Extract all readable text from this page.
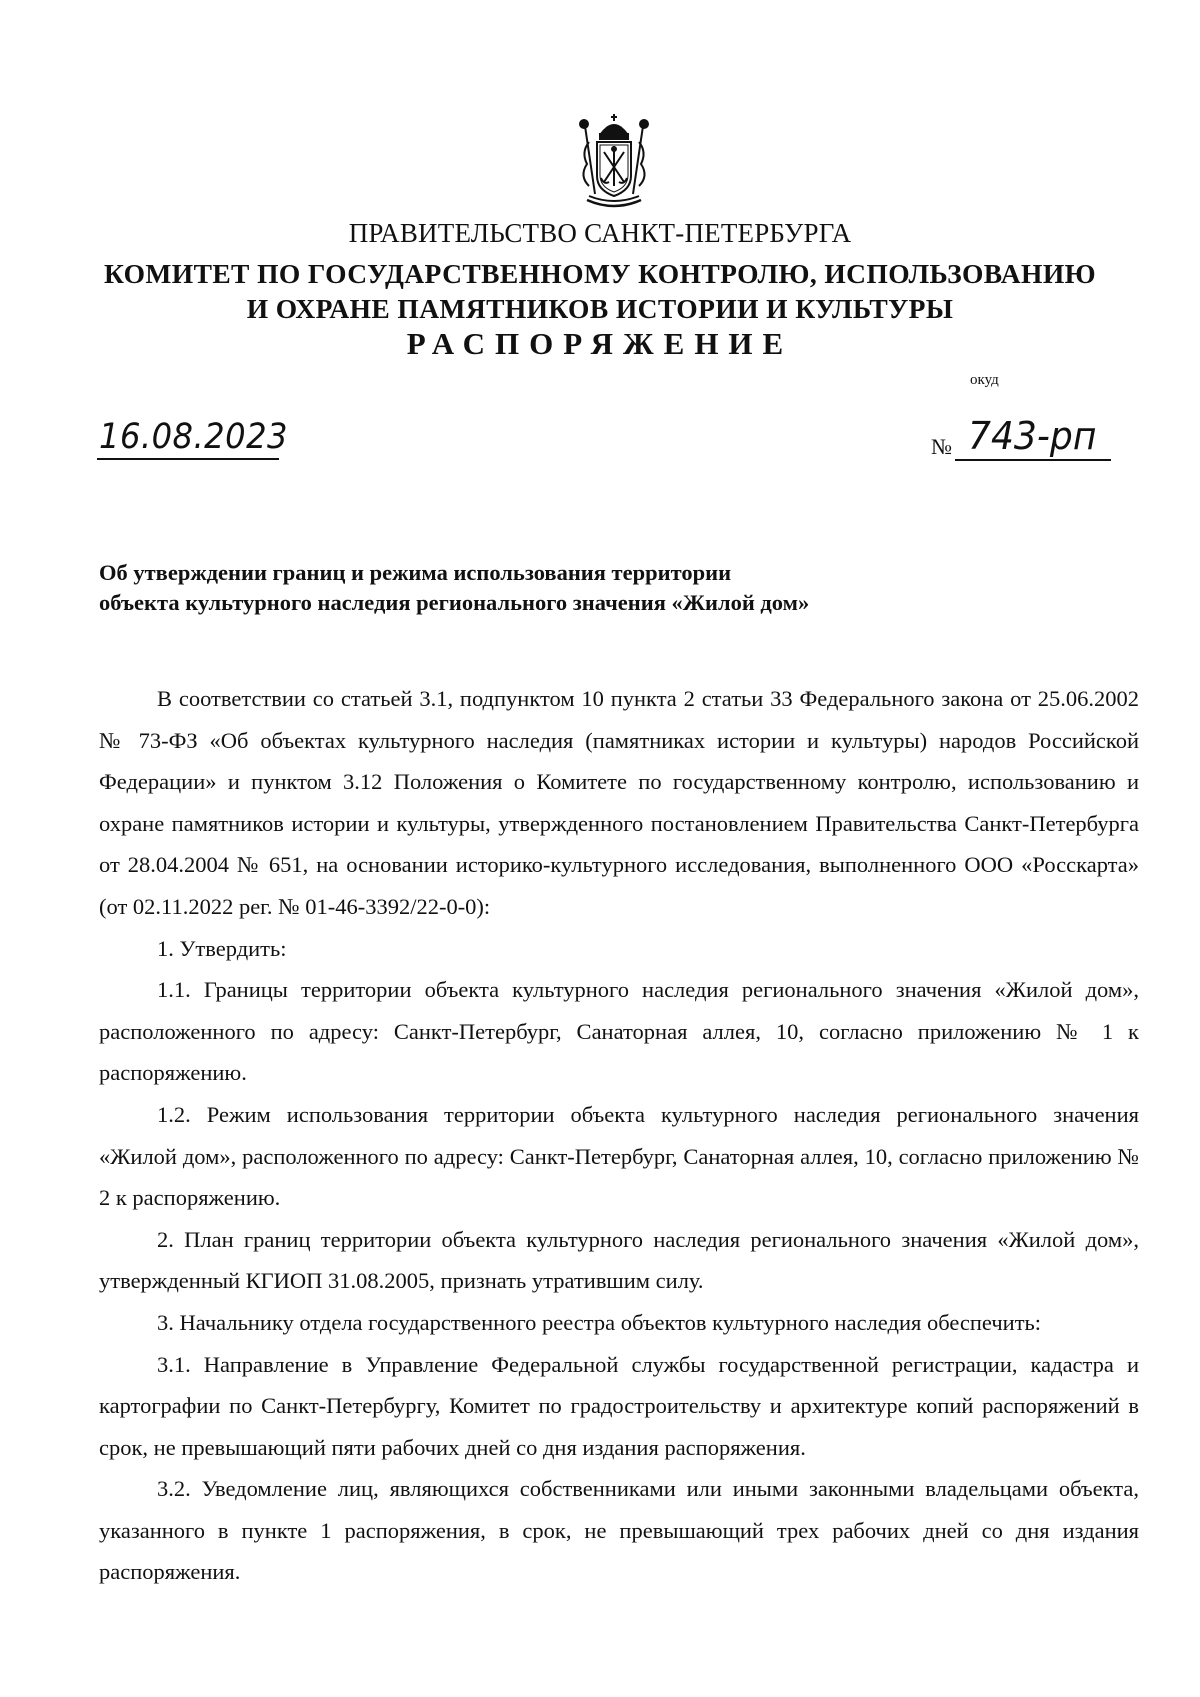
ПРАВИТЕЛЬСТВО САНКТ-ПЕТЕРБУРГА
КОМИТЕТ ПО ГОСУДАРСТВЕННОМУ КОНТРОЛЮ, ИСПОЛЬЗОВАНИЮ
И ОХРАНЕ ПАМЯТНИКОВ ИСТОРИИ И КУЛЬТУРЫ
РАСПОРЯЖЕНИЕ
окуд
16.08.2023	№ 743-рп
Об утверждении границ и режима использования территории
объекта культурного наследия регионального значения «Жилой дом»

В соответствии со статьей 3.1, подпунктом 10 пункта 2 статьи 33 Федерального закона от 25.06.2002 № 73-ФЗ «Об объектах культурного наследия (памятниках истории и культуры) народов Российской Федерации» и пунктом 3.12 Положения о Комитете по государственному контролю, использованию и охране памятников истории и культуры, утвержденного постановлением Правительства Санкт-Петербурга от 28.04.2004 № 651, на основании историко-культурного исследования, выполненного ООО «Росскарта» (от 02.11.2022 рег. № 01-46-3392/22-0-0):

1. Утвердить:

1.1. Границы территории объекта культурного наследия регионального значения «Жилой дом», расположенного по адресу: Санкт-Петербург, Санаторная аллея, 10, согласно приложению № 1 к распоряжению.

1.2. Режим использования территории объекта культурного наследия регионального значения «Жилой дом», расположенного по адресу: Санкт-Петербург, Санаторная аллея, 10, согласно приложению № 2 к распоряжению.

2. План границ территории объекта культурного наследия регионального значения «Жилой дом», утвержденный КГИОП 31.08.2005, признать утратившим силу.

3. Начальнику отдела государственного реестра объектов культурного наследия обеспечить:

3.1. Направление в Управление Федеральной службы государственной регистрации, кадастра и картографии по Санкт-Петербургу, Комитет по градостроительству и архитектуре копий распоряжений в срок, не превышающий пяти рабочих дней со дня издания распоряжения.

3.2. Уведомление лиц, являющихся собственниками или иными законными владельцами объекта, указанного в пункте 1 распоряжения, в срок, не превышающий трех рабочих дней со дня издания распоряжения.
